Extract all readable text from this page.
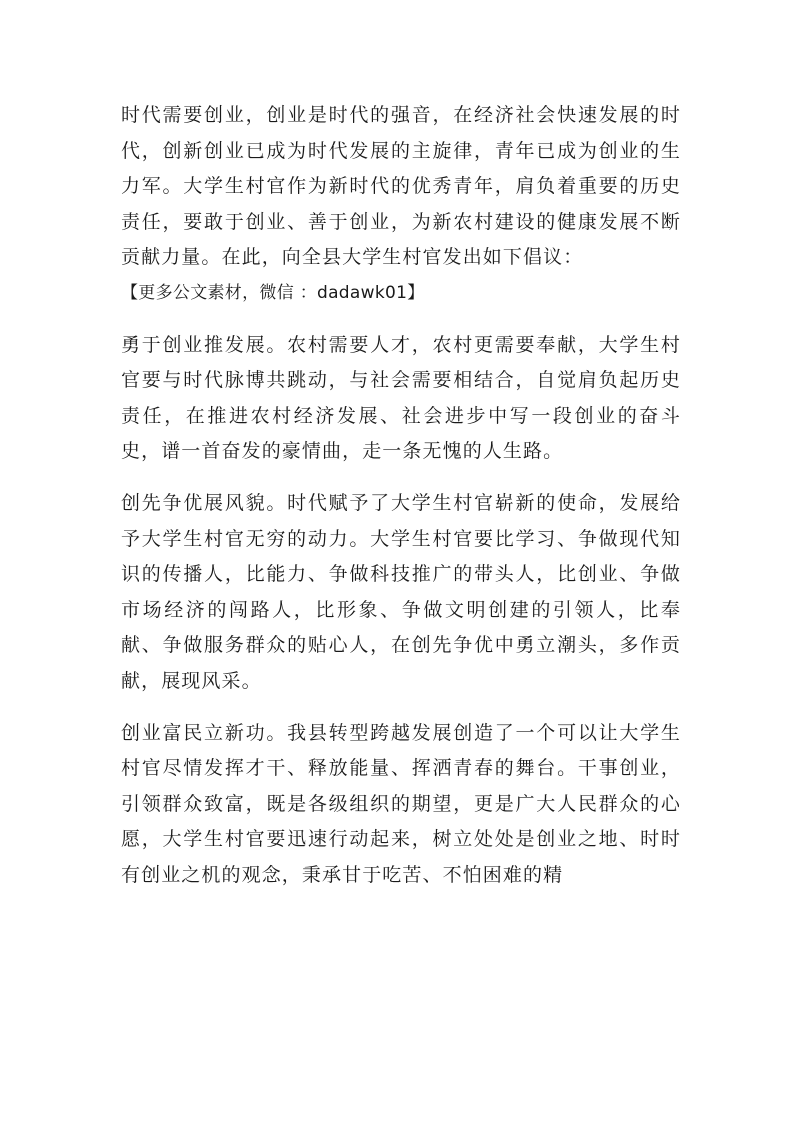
时代需要创业，创业是时代的强音，在经济社会快速发展的时代，创新创业已成为时代发展的主旋律，青年已成为创业的生力军。大学生村官作为新时代的优秀青年，肩负着重要的历史责任，要敢于创业、善于创业，为新农村建设的健康发展不断贡献力量。在此，向全县大学生村官发出如下倡议：
【更多公文素材，微信 ：dadawk01】

勇于创业推发展。农村需要人才，农村更需要奉献，大学生村官要与时代脉博共跳动，与社会需要相结合，自觉肩负起历史责任，在推进农村经济发展、社会进步中写一段创业的奋斗史，谱一首奋发的豪情曲，走一条无愧的人生路。

创先争优展风貌。时代赋予了大学生村官崭新的使命，发展给予大学生村官无穷的动力。大学生村官要比学习、争做现代知识的传播人，比能力、争做科技推广的带头人，比创业、争做市场经济的闯路人，比形象、争做文明创建的引领人，比奉献、争做服务群众的贴心人，在创先争优中勇立潮头，多作贡献，展现风采。

创业富民立新功。我县转型跨越发展创造了一个可以让大学生村官尽情发挥才干、释放能量、挥洒青春的舞台。干事创业，引领群众致富，既是各级组织的期望，更是广大人民群众的心愿，大学生村官要迅速行动起来，树立处处是创业之地、时时有创业之机的观念，秉承甘于吃苦、不怕困难的精
